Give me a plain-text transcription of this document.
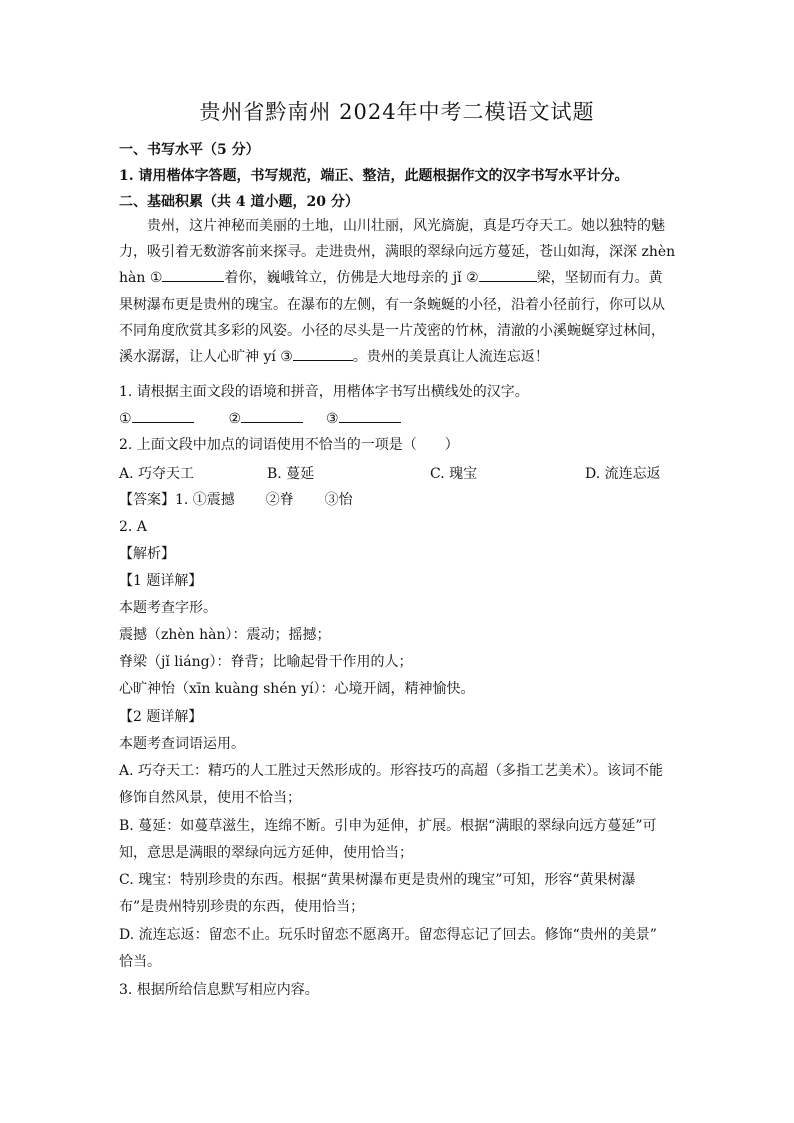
贵州省黔南州 2024年中考二模语文试题
一、书写水平（5 分）
1. 请用楷体字答题，书写规范，端正、整洁，此题根据作文的汉字书写水平计分。
二、基础积累（共 4 道小题，20 分）

贵州，这片神秘而美丽的土地，山川壮丽，风光旖旎，真是巧夺天工。她以独特的魅

力，吸引着无数游客前来探寻。走进贵州，满眼的翠绿向远方蔓延，苍山如海，深深 zhèn

hàn ①	着你，巍峨耸立，仿佛是大地母亲的 jǐ ②	梁，坚韧而有力。黄

果树瀑布更是贵州的瑰宝。在瀑布的左侧，有一条蜿蜒的小径，沿着小径前行，你可以从

不同角度欣赏其多彩的风姿。小径的尽头是一片茂密的竹林，清澈的小溪蜿蜒穿过林间，

溪水潺潺，让人心旷神 yí ③	。贵州的美景真让人流连忘返！

1. 请根据主面文段的语境和拼音，用楷体字书写出横线处的汉字。
①	②	③
2. 上面文段中加点的词语使用不恰当的一项是（　　）
A. 巧夺天工	B. 蔓延	C. 瑰宝	D. 流连忘返
【答案】1. ①震撼 ②脊 ③怡
2. A
【解析】
【1 题详解】
本题考查字形。
震撼（zhèn hàn）：震动；摇撼；
脊梁（jǐ liáng）：脊背；比喻起骨干作用的人；
心旷神怡（xīn kuàng shén yí）：心境开阔，精神愉快。
【2 题详解】
本题考查词语运用。
A. 巧夺天工：精巧的人工胜过天然形成的。形容技巧的高超（多指工艺美术）。该词不能
修饰自然风景，使用不恰当；
B. 蔓延：如蔓草滋生，连绵不断。引申为延伸，扩展。根据“满眼的翠绿向远方蔓延”可
知，意思是满眼的翠绿向远方延伸，使用恰当；
C. 瑰宝：特别珍贵的东西。根据“黄果树瀑布更是贵州的瑰宝”可知，形容“黄果树瀑
布”是贵州特别珍贵的东西，使用恰当；
D. 流连忘返：留恋不止。玩乐时留恋不愿离开。留恋得忘记了回去。修饰“贵州的美景”
恰当。
3. 根据所给信息默写相应内容。
